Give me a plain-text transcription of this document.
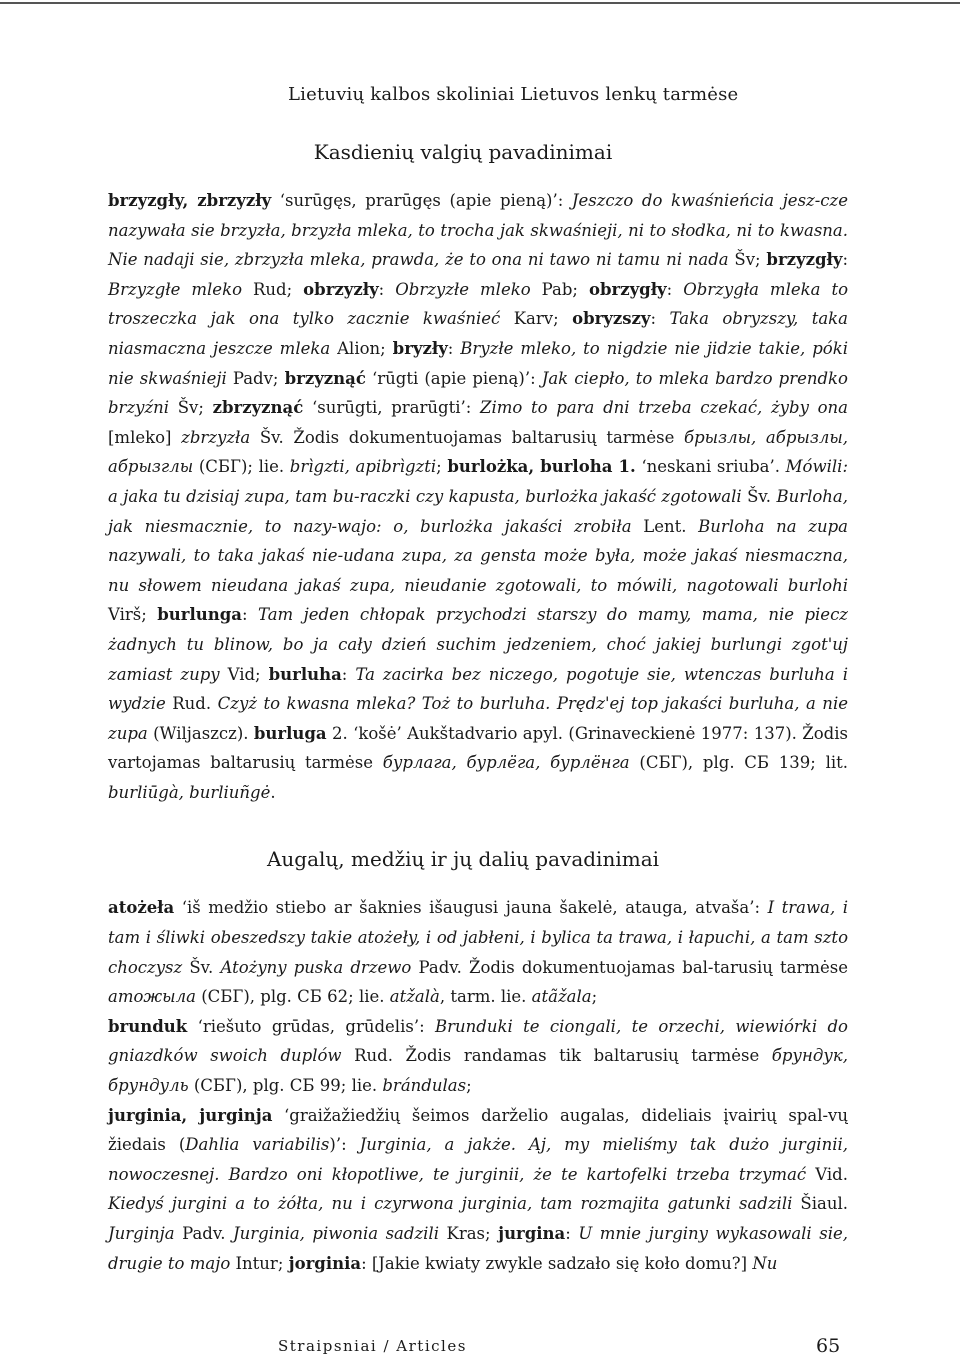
Lietuvių kalbos skoliniai Lietuvos lenkų tarmėse
Kasdienių valgių pavadinimai

brzyzgły, zbrzyzły ‘surūgęs, prarūgęs (apie pieną)’: Jeszczo do kwaśnieńcia jesz-cze nazywała sie brzyzła, brzyzła mleka, to trocha jak skwaśnieji, ni to słodka, ni to kwasna. Nie nadaji sie, zbrzyzła mleka, prawda, że to ona ni tawo ni tamu ni nada Šv; brzyzgły: Brzyzgłe mleko Rud; obrzyzły: Obrzyzłe mleko Pab; obrzygły: Obrzygła mleka to troszeczka jak ona tylko zacznie kwaśnieć Karv; obryzszy: Taka obryzszy, taka niasmaczna jeszcze mleka Alion; bryzły: Bryzłe mleko, to nigdzie nie jidzie takie, póki nie skwaśnieji Padv; brzyznąć ‘rūgti (apie pieną)’: Jak ciepło, to mleka bardzo prendko brzyźni Šv; zbrzyznąć ‘surūgti, prarūgti’: Zimo to para dni trzeba czekać, żyby ona [mleko] zbrzyzła Šv. Žodis dokumentuojamas baltarusių tarmėse брызлы, абрызлы, абрызглы (СБГ); lie. brìgzti, apibrìgzti; burlożka, burloha 1. ‘neskani sriuba’. Mówili: a jaka tu dzisiaj zupa, tam bu-raczki czy kapusta, burlożka jakaść zgotowali Šv. Burloha, jak niesmacznie, to nazy-wajo: o, burlożka jakaści zrobiła Lent. Burloha na zupa nazywali, to taka jakaś nie-udana zupa, za gensta może była, może jakaś niesmaczna, nu słowem nieudana jakaś zupa, nieudanie zgotowali, to mówili, nagotowali burlohi Virš; burlunga: Tam jeden chłopak przychodzi starszy do mamy, mama, nie piecz żadnych tu blinow, bo ja cały dzień suchim jedzeniem, choć jakiej burlungi zgot'uj zamiast zupy Vid; burluha: Ta zacirka bez niczego, pogotuje sie, wtenczas burluha i wydzie Rud. Czyż to kwasna mleka? Toż to burluha. Prędz'ej top jakaści burluha, a nie zupa (Wiljaszcz). burluga 2. ‘košė’ Aukštadvario apyl. (Grinaveckienė 1977: 137). Žodis vartojamas baltarusių tarmėse бурлага, бурлёга, бурлёнга (СБГ), plg. СБ 139; lit. burliūgà, burliuñgė.

Augalų, medžių ir jų dalių pavadinimai

atożeła ‘iš medžio stiebo ar šaknies išaugusi jauna šakelė, atauga, atvaša’: I trawa, i tam i śliwki obeszedszy takie atożeły, i od jabłeni, i bylica ta trawa, i łapuchi, a tam szto choczysz Šv. Atożyny puska drzewo Padv. Žodis dokumentuojamas bal-tarusių tarmėse атожыла (СБГ), plg. СБ 62; lie. atžalà, tarm. lie. atãžala;

brunduk ‘riešuto grūdas, grūdelis’: Brunduki te ciongali, te orzechi, wiewiórki do gniazdków swoich duplów Rud. Žodis randamas tik baltarusių tarmėse брундук, брундуль (СБГ), plg. СБ 99; lie. brándulas;

jurginia, jurginja ‘graižažiedžių šeimos darželio augalas, dideliais įvairių spal-vų žiedais (Dahlia variabilis)’: Jurginia, a jakże. Aj, my mieliśmy tak dużo jurginii, nowoczesnej. Bardzo oni kłopotliwe, te jurginii, że te kartofelki trzeba trzymać Vid. Kiedyś jurgini a to żółta, nu i czyrwona jurginia, tam rozmajita gatunki sadzili Šiaul. Jurginja Padv. Jurginia, piwonia sadzili Kras; jurgina: U mnie jurginy wykasowali sie, drugie to majo Intur; jorginia: [Jakie kwiaty zwykle sadzało się koło domu?] Nu

Straipsniai / Articles	65
